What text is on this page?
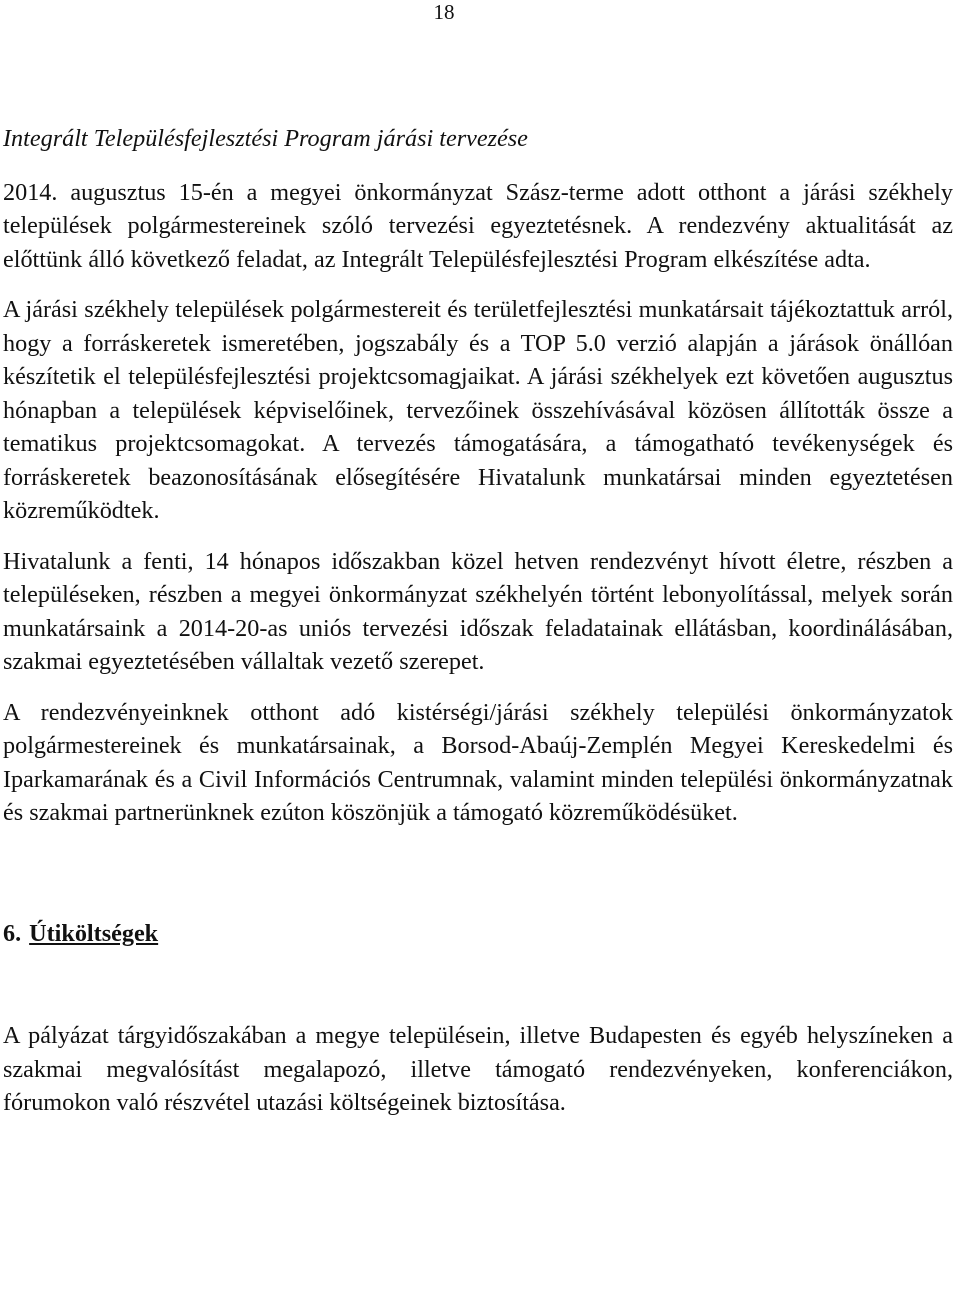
18

Integrált Településfejlesztési Program járási tervezése

2014. augusztus 15-én a megyei önkormányzat Szász-terme adott otthont a járási székhely települések polgármestereinek szóló tervezési egyeztetésnek. A rendezvény aktualitását az előttünk álló következő feladat, az Integrált Településfejlesztési Program elkészítése adta.

A járási székhely települések polgármestereit és területfejlesztési munkatársait tájékoztattuk arról, hogy a forráskeretek ismeretében, jogszabály és a TOP 5.0 verzió alapján a járások önállóan készítetik el településfejlesztési projektcsomagjaikat. A járási székhelyek ezt követően augusztus hónapban a települések képviselőinek, tervezőinek összehívásával közösen állították össze a tematikus projektcsomagokat. A tervezés támogatására, a támogatható tevékenységek és forráskeretek beazonosításának elősegítésére Hivatalunk munkatársai minden egyeztetésen közreműködtek.

Hivatalunk a fenti, 14 hónapos időszakban közel hetven rendezvényt hívott életre, részben a településeken, részben a megyei önkormányzat székhelyén történt lebonyolítással, melyek során munkatársaink a 2014-20-as uniós tervezési időszak feladatainak ellátásban, koordinálásában, szakmai egyeztetésében vállaltak vezető szerepet.

A rendezvényeinknek otthont adó kistérségi/járási székhely települési önkormányzatok polgármestereinek és munkatársainak, a Borsod-Abaúj-Zemplén Megyei Kereskedelmi és Iparkamarának és a Civil Információs Centrumnak, valamint minden települési önkormányzatnak és szakmai partnerünknek ezúton köszönjük a támogató közreműködésüket.

6. Útiköltségek

A pályázat tárgyidőszakában a megye településein, illetve Budapesten és egyéb helyszíneken a szakmai megvalósítást megalapozó, illetve támogató rendezvényeken, konferenciákon, fórumokon való részvétel utazási költségeinek biztosítása.
